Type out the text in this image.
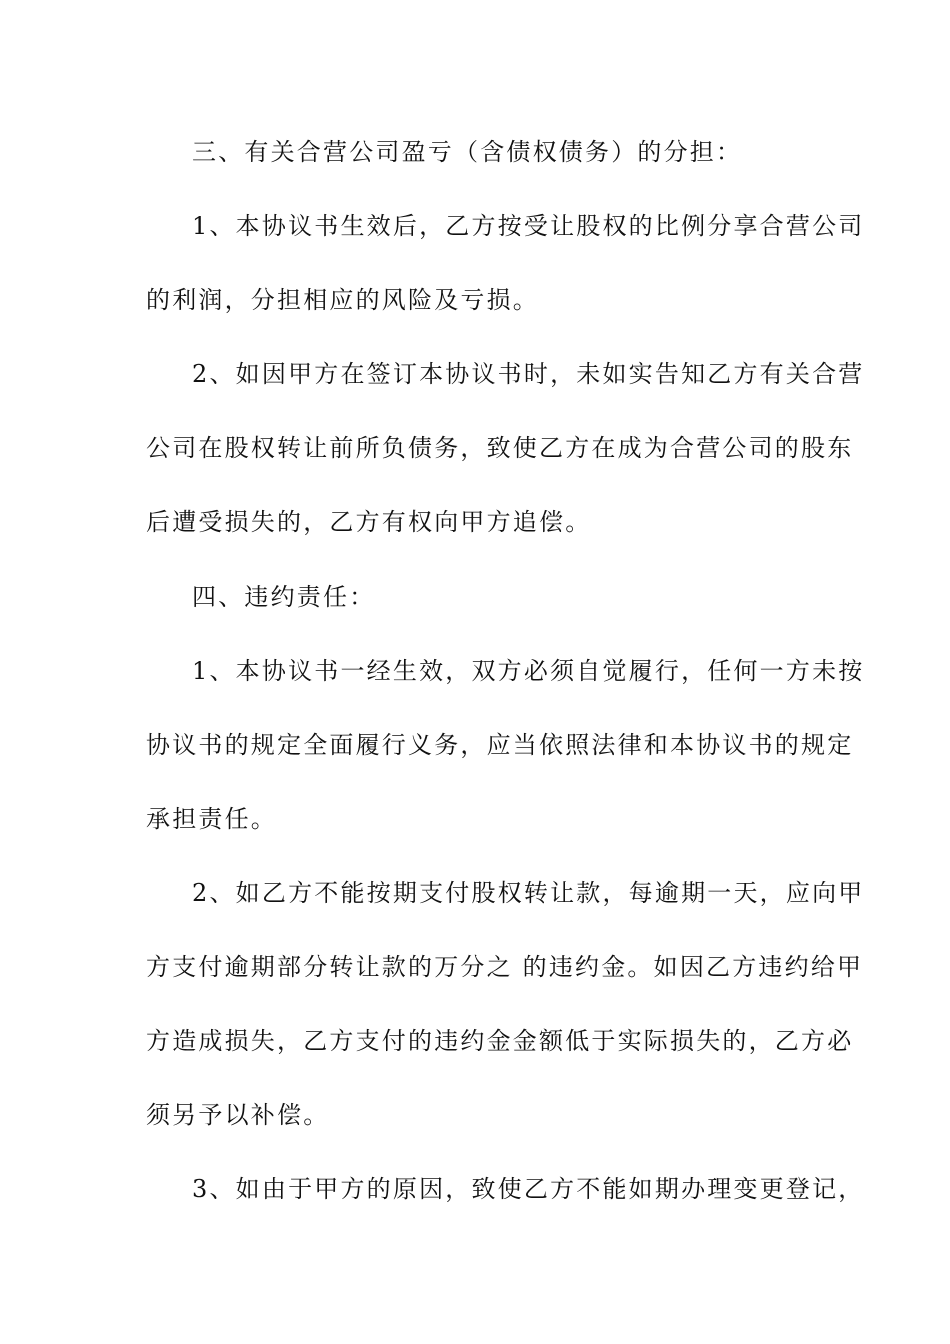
三、有关合营公司盈亏（含债权债务）的分担：
1、本协议书生效后，乙方按受让股权的比例分享合营公司
的利润，分担相应的风险及亏损。
2、如因甲方在签订本协议书时，未如实告知乙方有关合营
公司在股权转让前所负债务，致使乙方在成为合营公司的股东
后遭受损失的，乙方有权向甲方追偿。
四、违约责任：
1、本协议书一经生效，双方必须自觉履行，任何一方未按
协议书的规定全面履行义务，应当依照法律和本协议书的规定
承担责任。
2、如乙方不能按期支付股权转让款，每逾期一天，应向甲
方支付逾期部分转让款的万分之 的违约金。如因乙方违约给甲
方造成损失，乙方支付的违约金金额低于实际损失的，乙方必
须另予以补偿。
3、如由于甲方的原因，致使乙方不能如期办理变更登记，
